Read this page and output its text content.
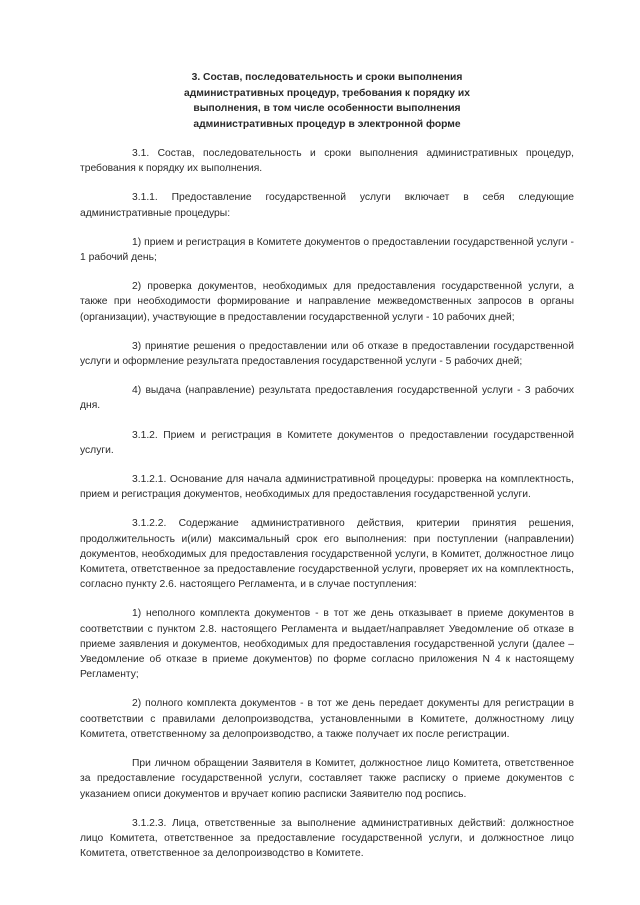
3. Состав, последовательность и сроки выполнения
административных процедур, требования к порядку их
выполнения, в том числе особенности выполнения
административных процедур в электронной форме

3.1. Состав, последовательность и сроки выполнения административных процедур, требования к порядку их выполнения.

3.1.1. Предоставление государственной услуги включает в себя следующие административные процедуры:

1) прием и регистрация в Комитете документов о предоставлении государственной услуги - 1 рабочий день;

2) проверка документов, необходимых для предоставления государственной услуги, а также при необходимости формирование и направление межведомственных запросов в органы (организации), участвующие в предоставлении государственной услуги - 10 рабочих дней;

3) принятие решения о предоставлении или об отказе в предоставлении государственной услуги и оформление результата предоставления государственной услуги - 5 рабочих дней;

4) выдача (направление) результата предоставления государственной услуги - 3 рабочих дня.

3.1.2. Прием и регистрация в Комитете документов о предоставлении государственной услуги.

3.1.2.1. Основание для начала административной процедуры: проверка на комплектность, прием и регистрация документов, необходимых для предоставления государственной услуги.

3.1.2.2. Содержание административного действия, критерии принятия решения, продолжительность и(или) максимальный срок его выполнения: при поступлении (направлении) документов, необходимых для предоставления государственной услуги, в Комитет, должностное лицо Комитета, ответственное за предоставление государственной услуги, проверяет их на комплектность, согласно пункту 2.6. настоящего Регламента, и в случае поступления:

1) неполного комплекта документов - в тот же день отказывает в приеме документов в соответствии с пунктом 2.8. настоящего Регламента и выдает/направляет Уведомление об отказе в приеме заявления и документов, необходимых для предоставления государственной услуги (далее – Уведомление об отказе в приеме документов) по форме согласно приложения N 4 к настоящему Регламенту;

2) полного комплекта документов - в тот же день передает документы для регистрации в соответствии с правилами делопроизводства, установленными в Комитете, должностному лицу Комитета, ответственному за делопроизводство, а также получает их после регистрации.

При личном обращении Заявителя в Комитет, должностное лицо Комитета, ответственное за предоставление государственной услуги, составляет также расписку о приеме документов с указанием описи документов и вручает копию расписки Заявителю под роспись.

3.1.2.3. Лица, ответственные за выполнение административных действий: должностное лицо Комитета, ответственное за предоставление государственной услуги, и должностное лицо Комитета, ответственное за делопроизводство в Комитете.
